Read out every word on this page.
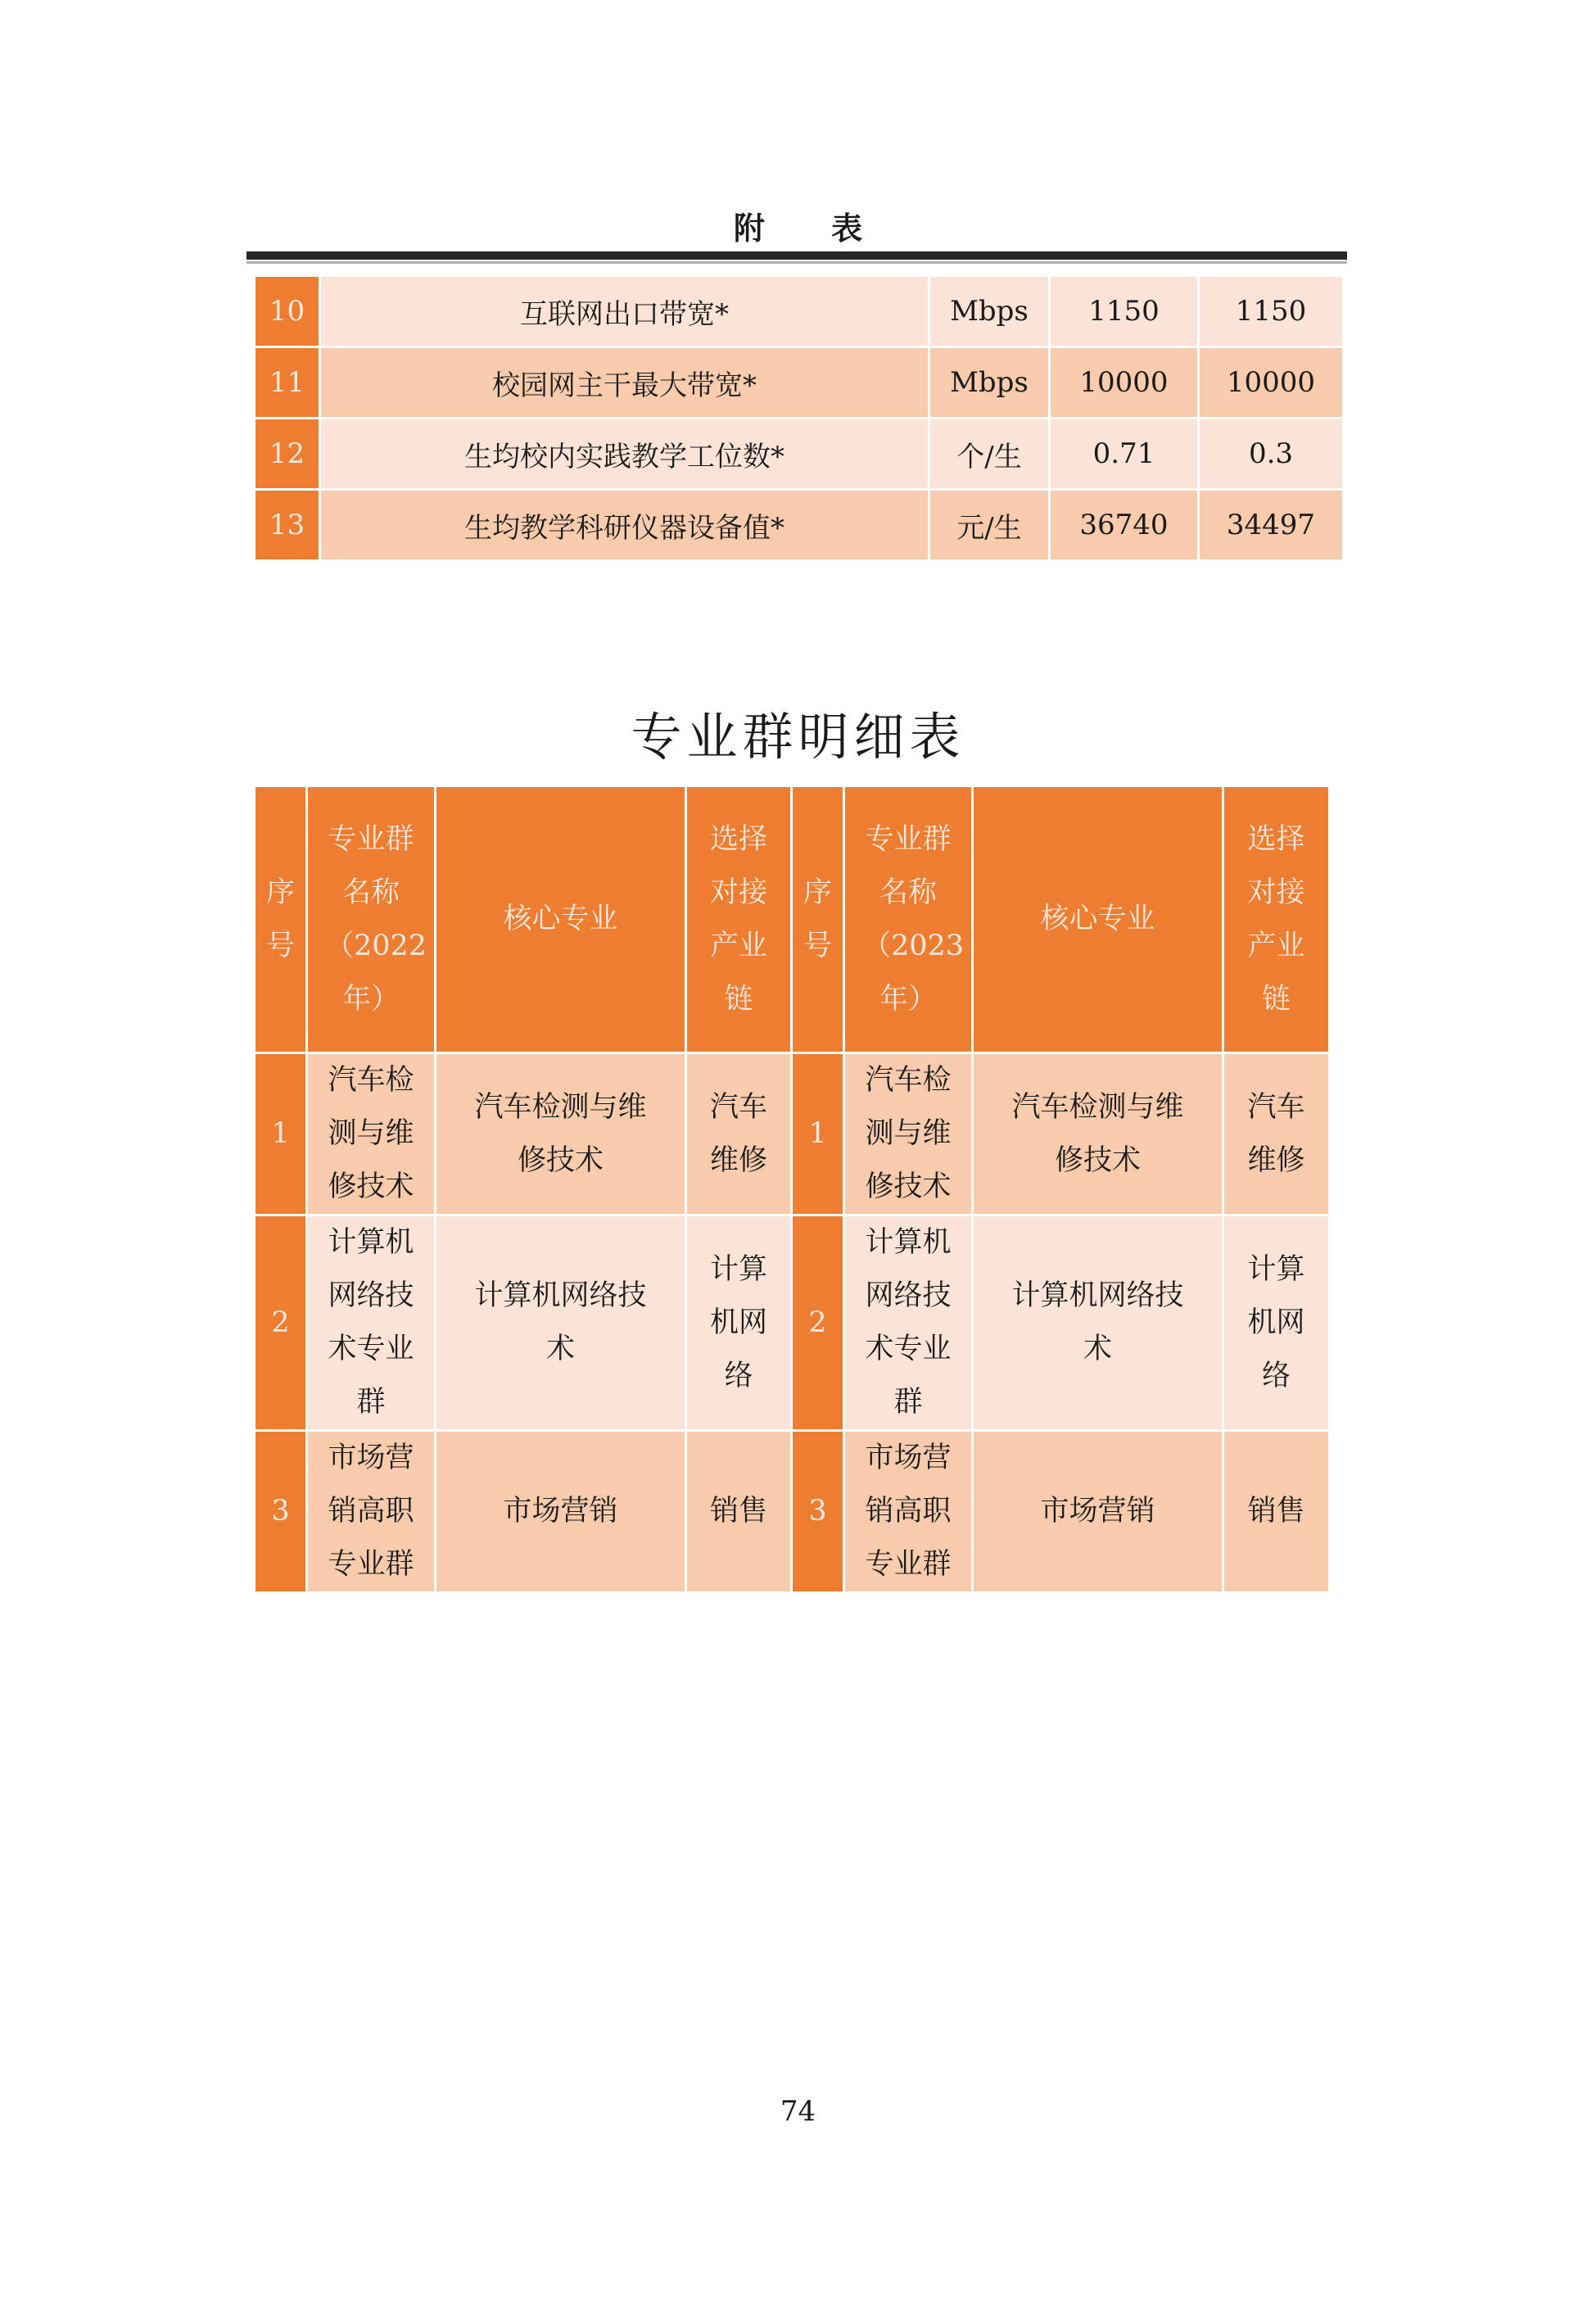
附 表
10	互联网出口带宽*	Mbps	1150	1150
11	校园网主干最大带宽*	Mbps	10000	10000
12	生均校内实践教学工位数*	个/生	0.71	0.3
13	生均教学科研仪器设备值*	元/生	36740	34497
专业群明细表
序号	专业群名称（2022年）	核心专业	选择对接产业链	序号	专业群名称（2023年）	核心专业	选择对接产业链
1	汽车检测与维修技术	汽车检测与维修技术	汽车维修	1	汽车检测与维修技术	汽车检测与维修技术	汽车维修
2	计算机网络技术专业群	计算机网络技术	计算机网络	2	计算机网络技术专业群	计算机网络技术	计算机网络
3	市场营销高职专业群	市场营销	销售	3	市场营销高职专业群	市场营销	销售
74
